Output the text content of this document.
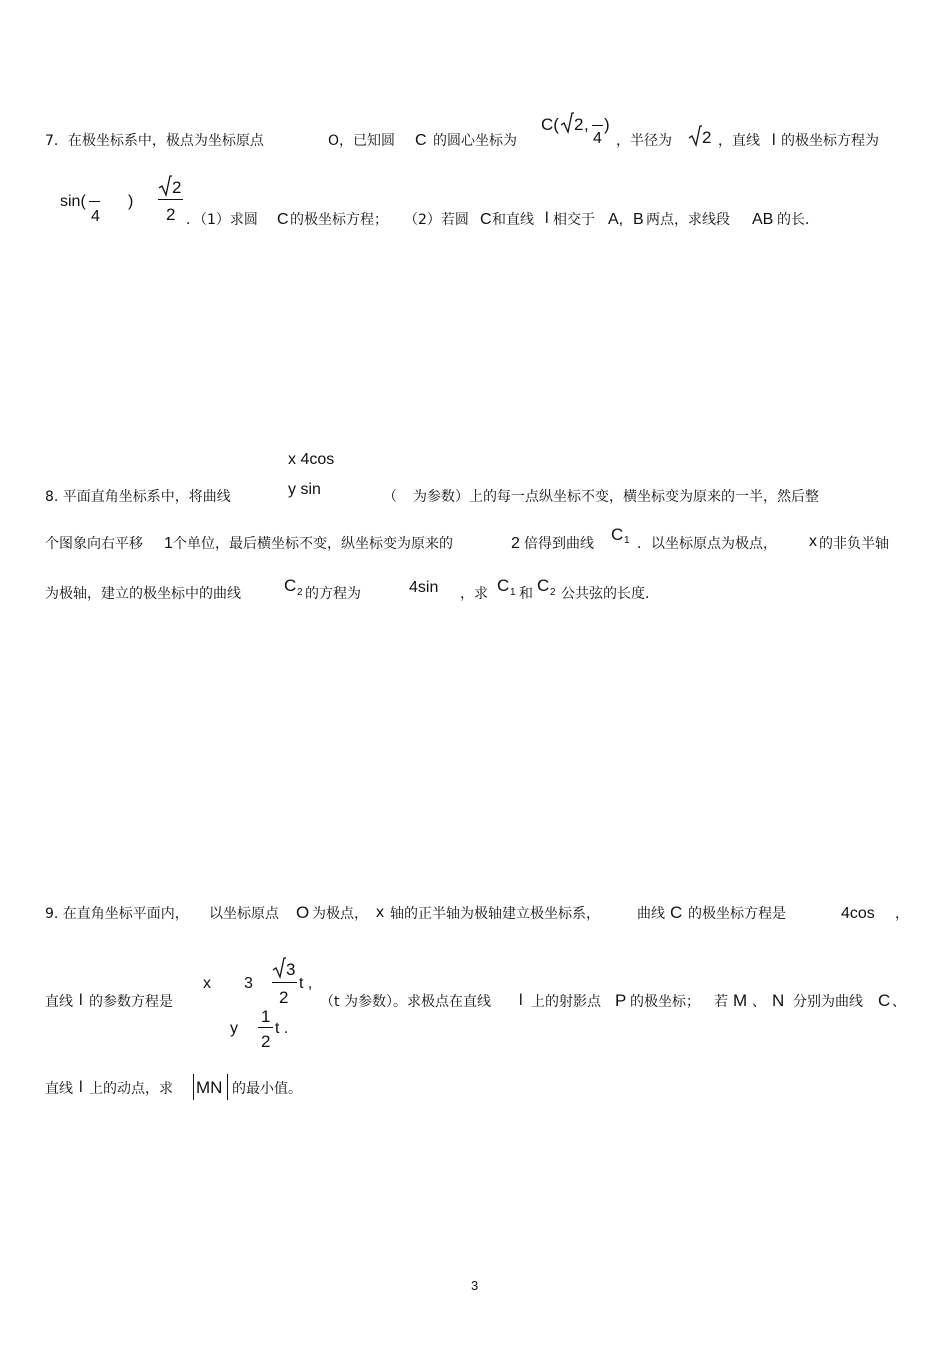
7．在极坐标系中，极点为坐标原点	O，已知圆 C 的圆心坐标为
C( 2 ,
4
)
，半径为 2 ，直线 l 的极坐标方程为
sin(
4
)
2
2 ．（1）求圆 C 的极坐标方程； （2）若圆 C 和直线 l 相交于 A, B 两点，求线段 AB 的长．
x 4cos
y sin
8. 平面直角坐标系中，将曲线	（ 为参数）上的每一点纵坐标不变，横坐标变为原来的一半，然后整
个图象向右平移 1 个单位，最后横坐标不变，纵坐标变为原来的	2 倍得到曲线 C 1 ．以坐标原点为极点， x 的非负半轴
为极轴，建立的极坐标中的曲线	C 2 的方程为	4sin ，求 C 1 和 C 2 公共弦的长度.
9. 在直角坐标平面内， 以坐标原点 O 为极点， x 轴的正半轴为极轴建立极坐标系，	曲线 C 的极坐标方程是	4cos ，
x 3
3
2
t ,
y
1
2
t .
直线 l 的参数方程是	（t 为参数）。求极点在直线 l 上的射影点 P 的极坐标； 若 M 、 N 分别为曲线 C 、
直线 l 上的动点，求 MN 的最小值。
3
